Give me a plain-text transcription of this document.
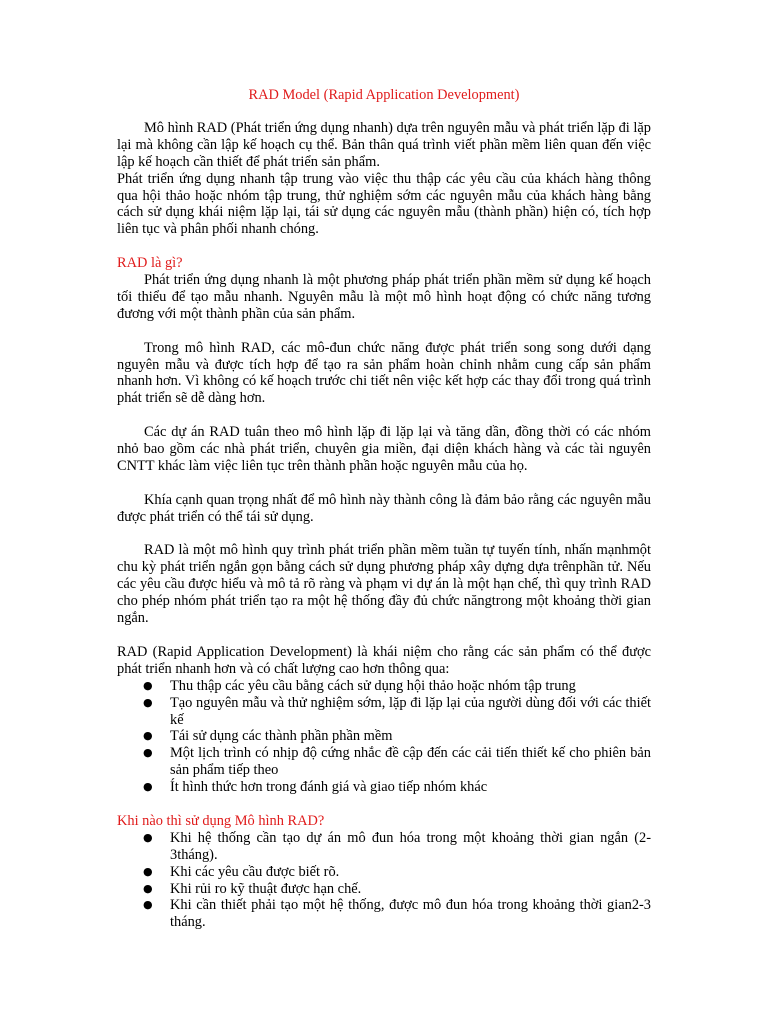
RAD Model (Rapid Application Development)

Mô hình RAD (Phát triển ứng dụng nhanh) dựa trên nguyên mẫu và phát triển lặp đi lặp lại mà không cần lập kế hoạch cụ thể. Bản thân quá trình viết phần mềm liên quan đến việc lập kế hoạch cần thiết để phát triển sản phẩm.

Phát triển ứng dụng nhanh tập trung vào việc thu thập các yêu cầu của khách hàng thông qua hội thảo hoặc nhóm tập trung, thử nghiệm sớm các nguyên mẫu của khách hàng bằng cách sử dụng khái niệm lặp lại, tái sử dụng các nguyên mẫu (thành phần) hiện có, tích hợp liên tục và phân phối nhanh chóng.

RAD là gì?

Phát triển ứng dụng nhanh là một phương pháp phát triển phần mềm sử dụng kế hoạch tối thiểu để tạo mẫu nhanh. Nguyên mẫu là một mô hình hoạt động có chức năng tương đương với một thành phần của sản phẩm.

Trong mô hình RAD, các mô-đun chức năng được phát triển song song dưới dạng nguyên mẫu và được tích hợp để tạo ra sản phẩm hoàn chỉnh nhằm cung cấp sản phẩm nhanh hơn. Vì không có kế hoạch trước chi tiết nên việc kết hợp các thay đổi trong quá trình phát triển sẽ dễ dàng hơn.

Các dự án RAD tuân theo mô hình lặp đi lặp lại và tăng dần, đồng thời có các nhóm nhỏ bao gồm các nhà phát triển, chuyên gia miền, đại diện khách hàng và các tài nguyên CNTT khác làm việc liên tục trên thành phần hoặc nguyên mẫu của họ.

Khía cạnh quan trọng nhất để mô hình này thành công là đảm bảo rằng các nguyên mẫu được phát triển có thể tái sử dụng.

RAD là một mô hình quy trình phát triển phần mềm tuần tự tuyến tính, nhấn mạnhmột chu kỳ phát triển ngắn gọn bằng cách sử dụng phương pháp xây dựng dựa trênphần tử. Nếu các yêu cầu được hiểu và mô tả rõ ràng và phạm vi dự án là một hạn chế, thì quy trình RAD cho phép nhóm phát triển tạo ra một hệ thống đầy đủ chức năngtrong một khoảng thời gian ngắn.

RAD (Rapid Application Development) là khái niệm cho rằng các sản phẩm có thể được phát triển nhanh hơn và có chất lượng cao hơn thông qua:

● Thu thập các yêu cầu bằng cách sử dụng hội thảo hoặc nhóm tập trung
● Tạo nguyên mẫu và thử nghiệm sớm, lặp đi lặp lại của người dùng đối với các thiết kế
● Tái sử dụng các thành phần phần mềm
● Một lịch trình có nhịp độ cứng nhắc đề cập đến các cải tiến thiết kế cho phiên bản sản phẩm tiếp theo
● Ít hình thức hơn trong đánh giá và giao tiếp nhóm khác
Khi nào thì sử dụng Mô hình RAD?
● Khi hệ thống cần tạo dự án mô đun hóa trong một khoảng thời gian ngắn (2-3tháng).
● Khi các yêu cầu được biết rõ.
● Khi rủi ro kỹ thuật được hạn chế.
● Khi cần thiết phải tạo một hệ thống, được mô đun hóa trong khoảng thời gian2-3 tháng.
